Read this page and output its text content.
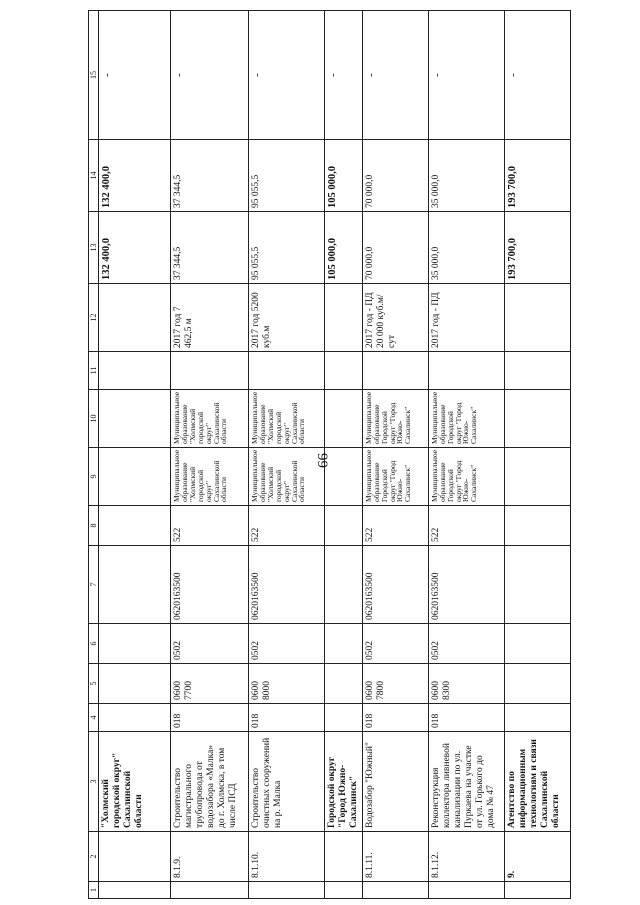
66
1	2	3	4	5	6	7	8	9	10	11	12	13	14	15
		"Холмский городской округ" Сахалинской области										132 400,0	132 400,0	-
	8.1.9.	Строительство магистрального трубопровода от водозабора «Малка» до г. Холмска, в том числе ПСД	018	0600 7700	0502	0620163500	522	Муниципальное образование "Холмский городской округ" Сахалинской области	Муниципальное образование "Холмский городской округ" Сахалинской области		2017 год 7 462,5 м	37 344,5	37 344,5	-
	8.1.10.	Строительство очистных сооружений на р. Малка	018	0600 8000	0502	0620163500	522	Муниципальное образование "Холмский городской округ" Сахалинской области	Муниципальное образование "Холмский городской округ" Сахалинской области		2017 год 5200 куб.м	95 055,5	95 055,5	-
		Городской округ "Город Южно-Сахалинск"										105 000,0	105 000,0	-
	8.1.11.	Водозабор "Южный"	018	0600 7800	0502	0620163500	522	Муниципальное образование Городской округ "Город Южно-Сахалинск"	Муниципальное образование Городской округ "Город Южно-Сахалинск"		2017 год - ПД 20 000 куб.м/сут	70 000,0	70 000,0	-
	8.1.12.	Реконструкция коллектора ливневой канализации по ул. Пуркаева на участке от ул. Горького до дома № 47	018	0600 8300	0502	0620163500	522	Муниципальное образование Городской округ "Город Южно-Сахалинск"	Муниципальное образование Городской округ "Город Южно-Сахалинск"		2017 год - ПД	35 000,0	35 000,0	-
	9.	Агентство по информационным технологиям и связи Сахалинской области										193 700,0	193 700,0	-
